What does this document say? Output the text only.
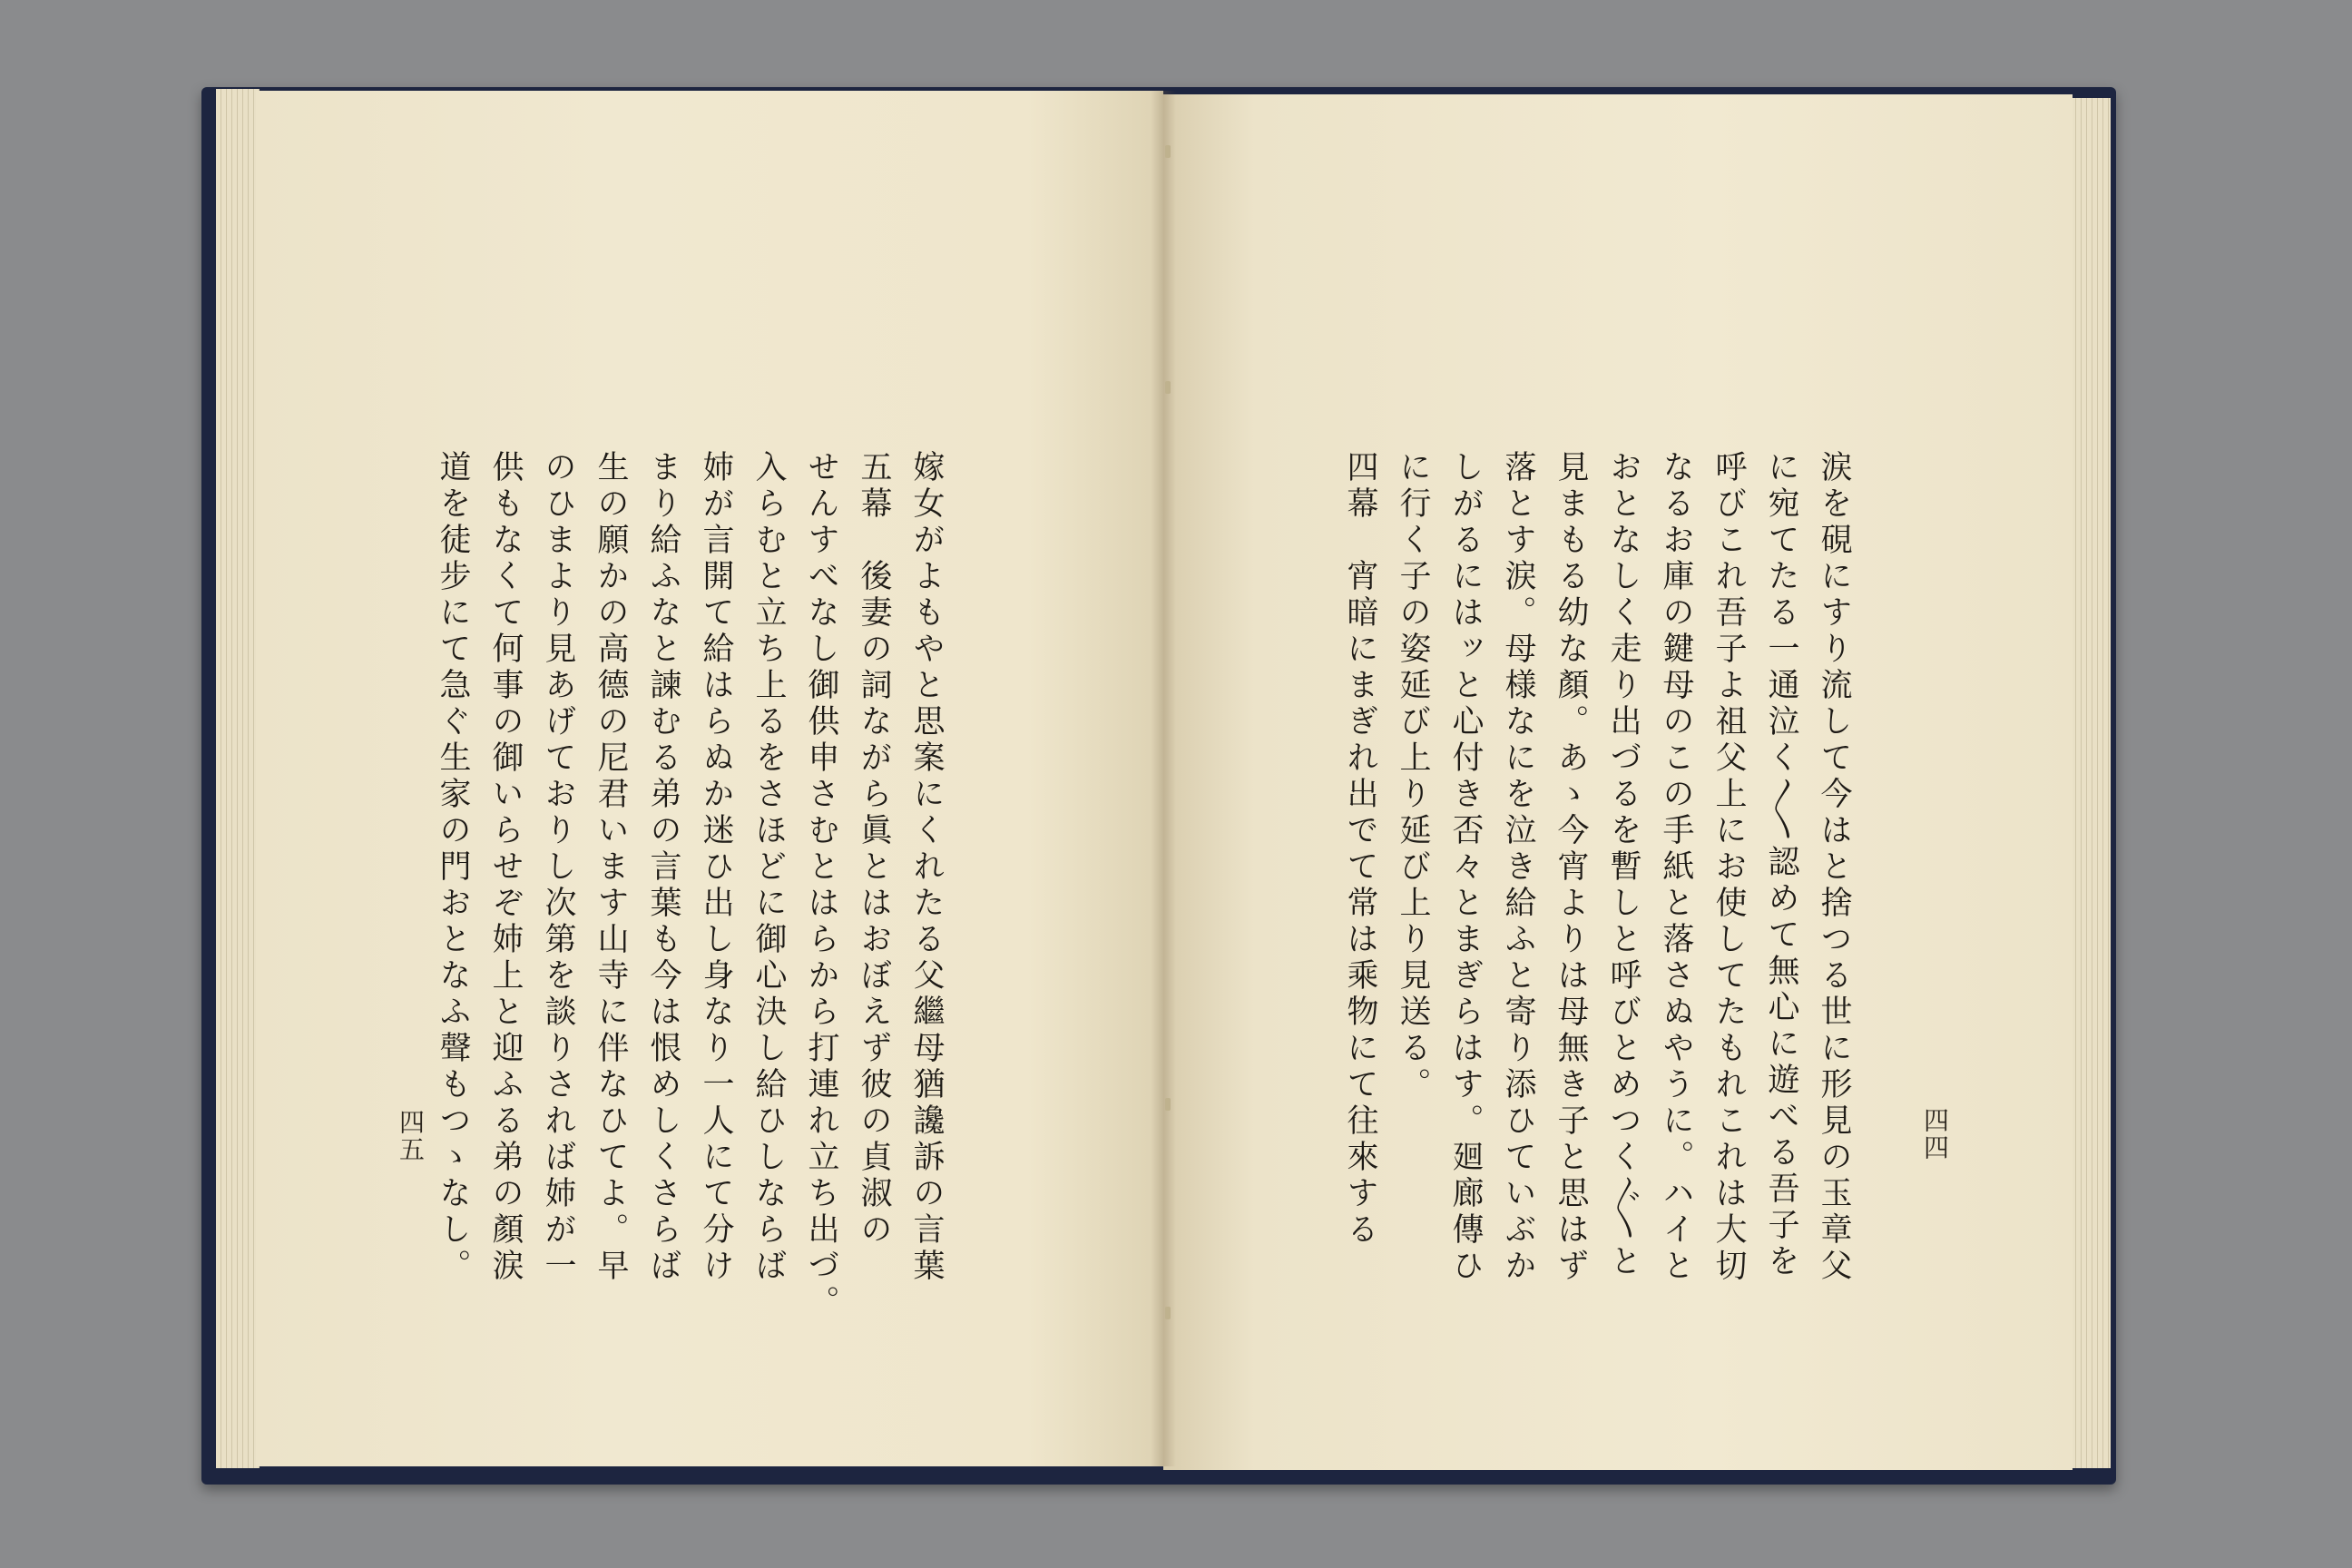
嫁女がよもやと思案にくれたる父繼母猶讒訴の言葉
五幕　後妻の詞ながら眞とはおぼえず彼の貞淑の
せんすべなし御供申さむとはらから打連れ立ち出づ。
入らむと立ち上るをさほどに御心決し給ひしならば
姉が言開て給はらぬか迷ひ出し身なり一人にて分け
まり給ふなと諫むる弟の言葉も今は恨めしくさらば
生の願かの高德の尼君います山寺に伴なひてよ。早
のひまより見あげておりし次第を談りされば姉が一
供もなくて何事の御いらせぞ姉上と迎ふる弟の顏涙
道を徒步にて急ぐ生家の門おとなふ聲もつゝなし。
四五	涙を硯にすり流して今はと捨つる世に形見の玉章父
に宛てたる一通泣く〳〵認めて無心に遊べる吾子を
呼びこれ吾子よ祖父上にお使してたもれこれは大切
なるお庫の鍵母のこの手紙と落さぬやうに。ハイと
おとなしく走り出づるを暫しと呼びとめつく〴〵と
見まもる幼な顏。あゝ今宵よりは母無き子と思はず
落とす涙。母様なにを泣き給ふと寄り添ひていぶか
しがるにはッと心付き否々とまぎらはす。廻廊傳ひ
に行く子の姿延び上り延び上り見送る。
四幕　宵暗にまぎれ出でて常は乘物にて往來する	四四
